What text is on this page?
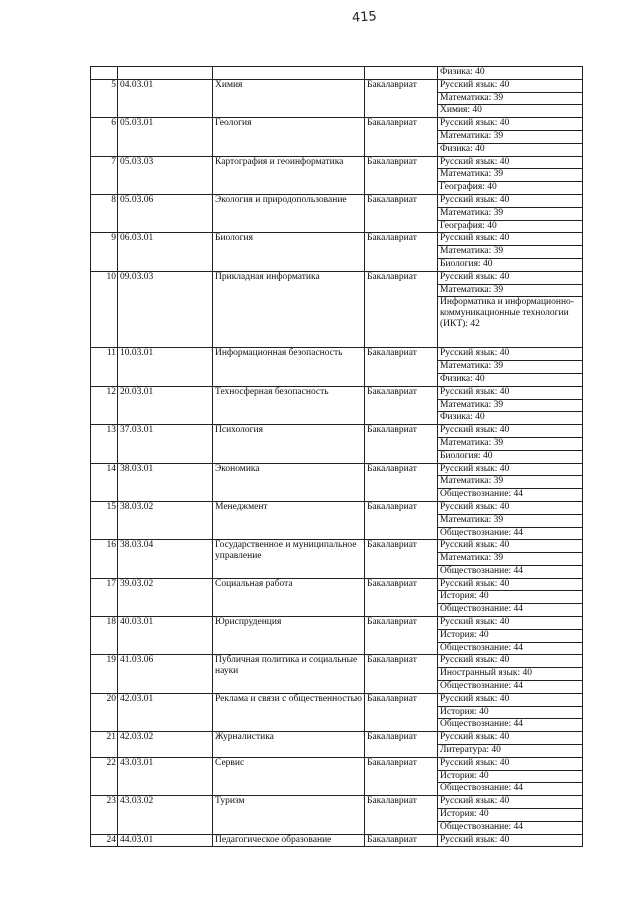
415
				Физика: 40
5	04.03.01	Химия	Бакалавриат	Русский язык: 40
				Математика: 39
				Химия: 40
6	05.03.01	Геология	Бакалавриат	Русский язык: 40
				Математика: 39
				Физика: 40
7	05.03.03	Картография и геоинформатика	Бакалавриат	Русский язык: 40
				Математика: 39
				География: 40
8	05.03.06	Экология и природопользование	Бакалавриат	Русский язык: 40
				Математика: 39
				География: 40
9	06.03.01	Биология	Бакалавриат	Русский язык: 40
				Математика: 39
				Биология: 40
10	09.03.03	Прикладная информатика	Бакалавриат	Русский язык: 40
				Математика: 39
				Информатика и информационно-коммуникационные технологии (ИКТ): 42
11	10.03.01	Информационная безопасность	Бакалавриат	Русский язык: 40
				Математика: 39
				Физика: 40
12	20.03.01	Техносферная безопасность	Бакалавриат	Русский язык: 40
				Математика: 39
				Физика: 40
13	37.03.01	Психология	Бакалавриат	Русский язык: 40
				Математика: 39
				Биология: 40
14	38.03.01	Экономика	Бакалавриат	Русский язык: 40
				Математика: 39
				Обществознание: 44
15	38.03.02	Менеджмент	Бакалавриат	Русский язык: 40
				Математика: 39
				Обществознание: 44
16	38.03.04	Государственное и муниципальное управление	Бакалавриат	Русский язык: 40
				Математика: 39
				Обществознание: 44
17	39.03.02	Социальная работа	Бакалавриат	Русский язык: 40
				История: 40
				Обществознание: 44
18	40.03.01	Юриспруденция	Бакалавриат	Русский язык: 40
				История: 40
				Обществознание: 44
19	41.03.06	Публичная политика и социальные науки	Бакалавриат	Русский язык: 40
				Иностранный язык: 40
				Обществознание: 44
20	42.03.01	Реклама и связи с общественностью	Бакалавриат	Русский язык: 40
				История: 40
				Обществознание: 44
21	42.03.02	Журналистика	Бакалавриат	Русский язык: 40
				Литература: 40
22	43.03.01	Сервис	Бакалавриат	Русский язык: 40
				История: 40
				Обществознание: 44
23	43.03.02	Туризм	Бакалавриат	Русский язык: 40
				История: 40
				Обществознание: 44
24	44.03.01	Педагогическое образование	Бакалавриат	Русский язык: 40
